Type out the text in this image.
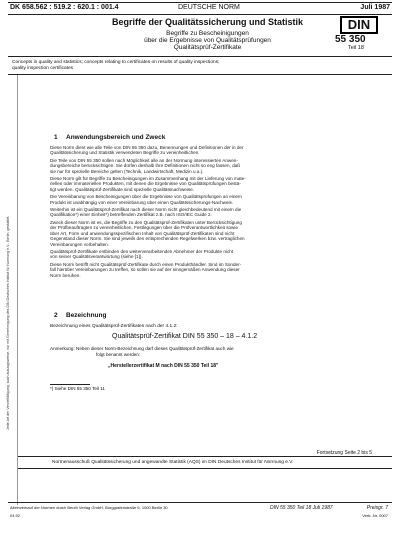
DK 658.562 : 519.2 : 620.1 : 001.4	DEUTSCHE NORM	Juli 1987
Begriffe der Qualitätssicherung und Statistik
Begriffe zu Bescheinigungen
über die Ergebnisse von Qualitätsprüfungen
Qualitätsprüf-Zertifikate
DIN
55 350
Teil 18
Concepts in quality and statistics; concepts relating to certificates on results of quality inspections;
quality inspection certificates
Jede Art der Vervielfältigung, auch auszugsweise, nur mit Genehmigung des DIN Deutsches Institut für Normung e.V., Berlin, gestattet.
1 Anwendungsbereich und Zweck
Diese Norm dient wie alle Teile von DIN 55 350 dazu, Benennungen und Definitionen der in der
Qualitätssicherung und Statistik verwendeten Begriffe zu vereinheitlichen.
Die Teile von DIN 55 350 sollen nach Möglichkeit alle an der Normung interessierten Anwen-
dungsbereiche berücksichtigen. Sie dürfen deshalb ihre Definitionen nicht so eng fassen, daß
sie nur für spezielle Bereiche gelten (Technik, Landwirtschaft, Medizin u.a.).
Diese Norm gilt für Begriffe zu Bescheinigungen im Zusammenhang mit der Lieferung von mate-
riellen oder immateriellen Produkten, mit denen die Ergebnisse von Qualitätsprüfungen bestä-
tigt werden. Qualitätsprüf-Zertifikate sind spezielle Qualitätsnachweise.
Die Vereinbarung von Bescheinigungen über die Ergebnisse von Qualitätsprüfungen an einem
Produkt ist unabhängig von einer Vereinbarung über einen Qualitätssicherungs-Nachweis.
Weiterhin ist ein Qualitätsprüf-Zertifikat nach dieser Norm nicht gleichbedeutend mit einem die
Qualifikation*) einer Einheit*) betreffenden Zertifikat z.B. nach ISO/IEC Guide 2.
Zweck dieser Norm ist es, die Begriffe zu den Qualitätsprüf-Zertifikaten unter Berücksichtigung
der Prüfbeauftragten zu vereinheitlichen. Festlegungen über die Prüfverantwortlichkeit sowie
über Art, Form und anwendungsspezifischen Inhalt von Qualitätsprüf-Zertifikaten sind nicht
Gegenstand dieser Norm. Sie sind jeweils den entsprechenden Regelwerken bzw. vertraglichen
Vereinbarungen vorbehalten.
Qualitätsprüf-Zertifikate entbinden den weiterverarbeitenden Abnehmer der Produkte nicht
von seiner Qualitätsverantwortung (siehe [1]).
Diese Norm betrifft nicht Qualitätsprüf-Zertifikate durch einen Produkthändler. Sind im Sonder-
fall hierüber Vereinbarungen zu treffen, so sollen sie auf der sinngemäßen Anwendung dieser
Norm beruhen.
2 Bezeichnung
Bezeichnung eines Qualitätsprüf-Zertifikates nach der 4.1.2:
Qualitätsprüf-Zertifikat DIN 55 350 – 18 – 4.1.2
Anmerkung: Neben dieser Norm-Bezeichnung darf dieses Qualitätsprüf-Zertifikat auch wie
folgt benannt werden:
„Herstellerzertifikat M nach DIN 55 350 Teil 18"
*) Siehe DIN 55 350 Teil 11
Fortsetzung Seite 2 bis 5
Normenausschuß Qualitätssicherung und angewandte Statistik (AQS) im DIN Deutsches Institut für Normung e.V.
Alleinverkauf der Normen durch Beuth Verlag GmbH, Burggrafenstraße 6, 1000 Berlin 30
04.92
DIN 55 350 Teil 18 Juli 1987	Preisgr. 7
Vertr.-Nr. 0007
